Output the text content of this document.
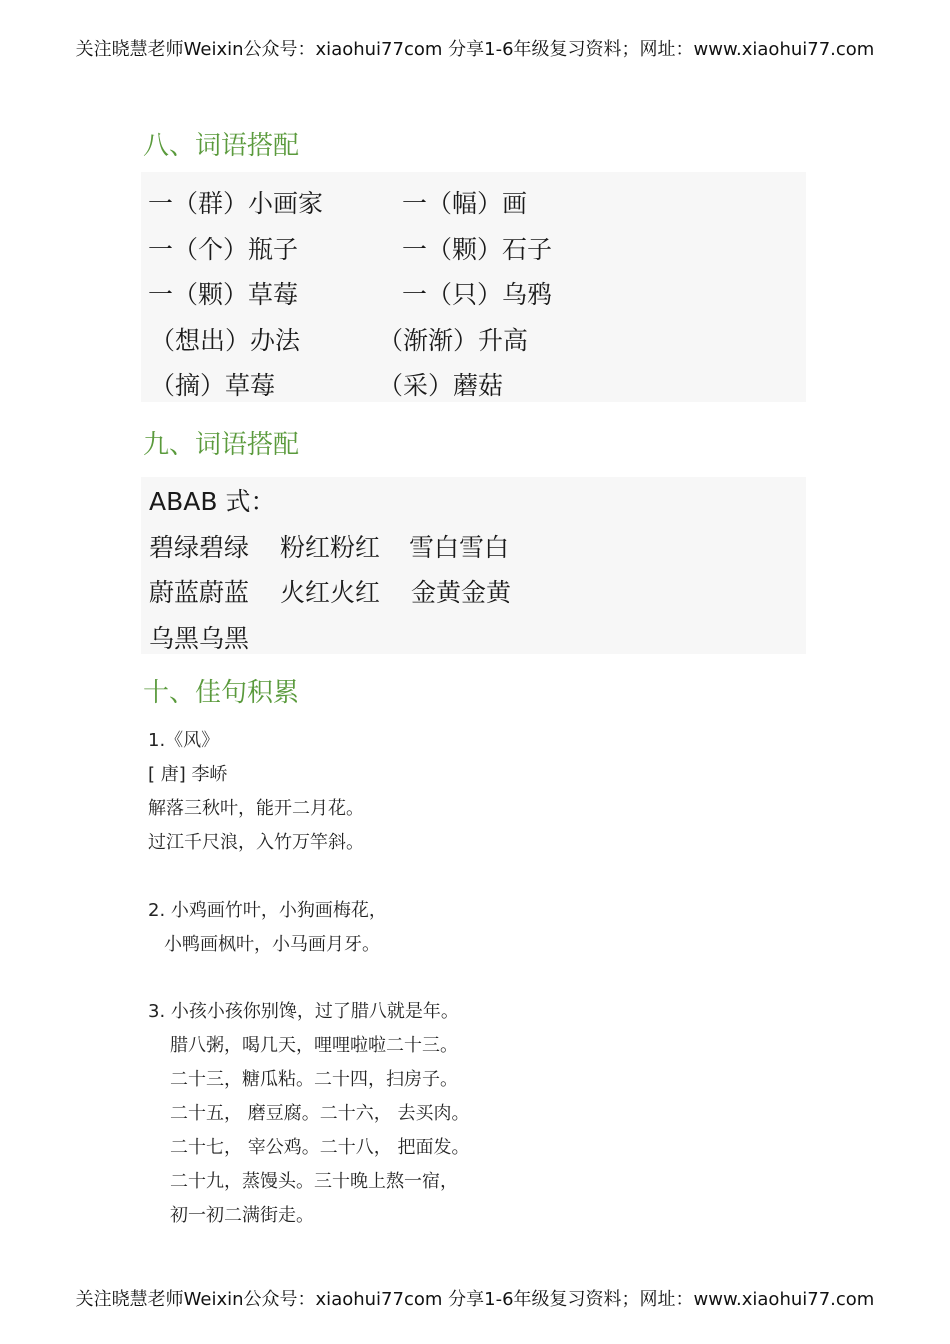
关注晓慧老师Weixin公众号：xiaohui77com 分享1-6年级复习资料；网址：www.xiaohui77.com
八、词语搭配
一（群）小画家	一（幅）画
一（个）瓶子	一（颗）石子
一（颗）草莓	一（只）乌鸦
（想出）办法	（渐渐）升高
（摘）草莓	（采）蘑菇
九、词语搭配
ABAB 式：
碧绿碧绿 粉红粉红 雪白雪白
蔚蓝蔚蓝 火红火红 金黄金黄
乌黑乌黑
十、佳句积累
1.《风》
[ 唐] 李峤
解落三秋叶，能开二月花。
过江千尺浪，入竹万竿斜。
2. 小鸡画竹叶，小狗画梅花，
小鸭画枫叶，小马画月牙。
3. 小孩小孩你别馋，过了腊八就是年。
腊八粥，喝几天，哩哩啦啦二十三。
二十三，糖瓜粘。二十四，扫房子。
二十五， 磨豆腐。二十六， 去买肉。
二十七， 宰公鸡。二十八， 把面发。
二十九，蒸馒头。三十晚上熬一宿，
初一初二满街走。
关注晓慧老师Weixin公众号：xiaohui77com 分享1-6年级复习资料；网址：www.xiaohui77.com
